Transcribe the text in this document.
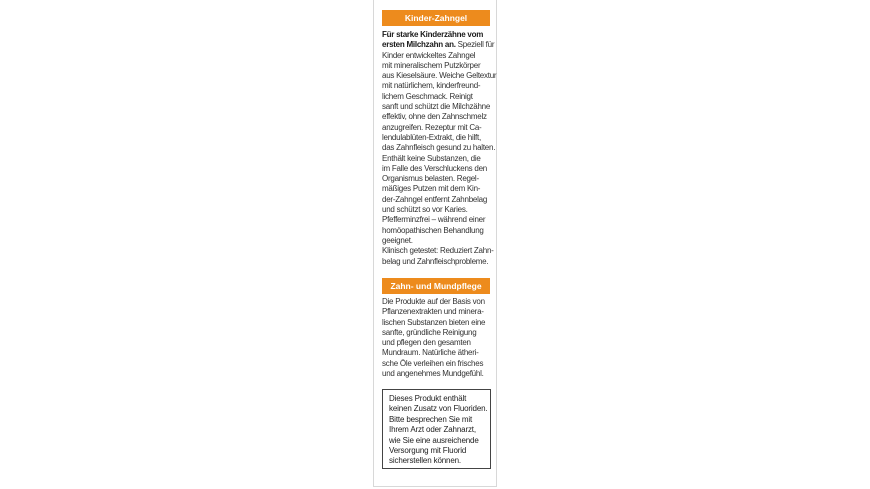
Kinder-Zahngel
Für starke Kinderzähne vom
ersten Milchzahn an. Speziell für
Kinder entwickeltes Zahngel
mit mineralischem Putzkörper
aus Kieselsäure. Weiche Geltextur
mit natürlichem, kinderfreund-
lichem Geschmack. Reinigt
sanft und schützt die Milchzähne
effektiv, ohne den Zahnschmelz
anzugreifen. Rezeptur mit Ca-
lendulablüten-Extrakt, die hilft,
das Zahnfleisch gesund zu halten.
Enthält keine Substanzen, die
im Falle des Verschluckens den
Organismus belasten. Regel-
mäßiges Putzen mit dem Kin-
der-Zahngel entfernt Zahnbelag
und schützt so vor Karies.
Pfefferminzfrei – während einer
homöopathischen Behandlung
geeignet.
Klinisch getestet: Reduziert Zahn-
belag und Zahnfleischprobleme.
Zahn- und Mundpflege
Die Produkte auf der Basis von
Pflanzenextrakten und minera-
lischen Substanzen bieten eine
sanfte, gründliche Reinigung
und pflegen den gesamten
Mundraum. Natürliche ätheri-
sche Öle verleihen ein frisches
und angenehmes Mundgefühl.
Dieses Produkt enthält
keinen Zusatz von Fluoriden.
Bitte besprechen Sie mit
Ihrem Arzt oder Zahnarzt,
wie Sie eine ausreichende
Versorgung mit Fluorid
sicherstellen können.
